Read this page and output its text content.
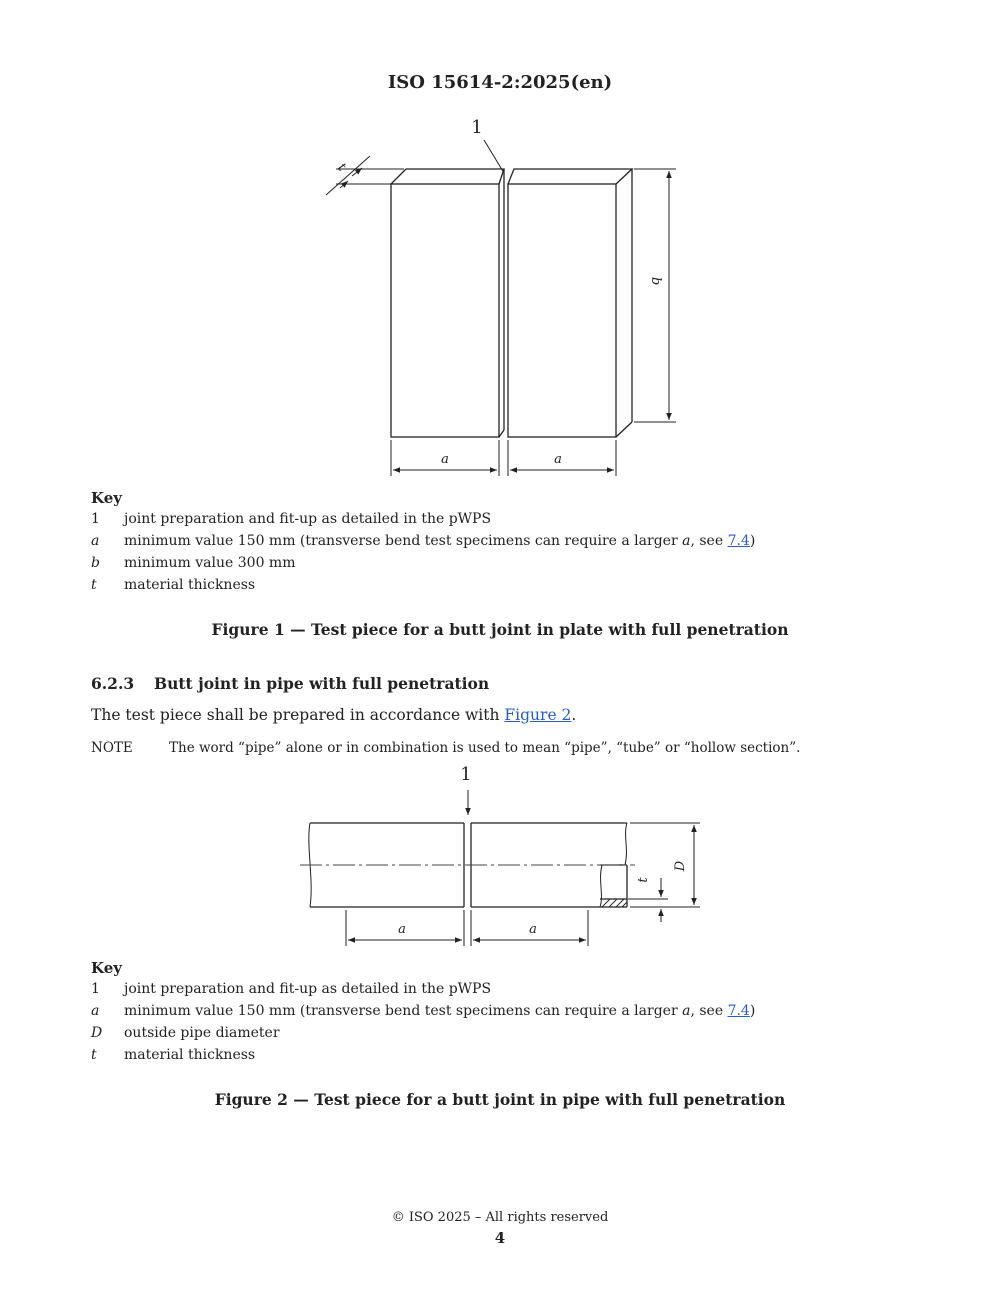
ISO 15614-2:2025(en)
1
a	a
b
t
1
a	a
t
D
Key
1	joint preparation and fit-up as detailed in the pWPS
a	minimum value 150 mm (transverse bend test specimens can require a larger a, see 7.4)
b	minimum value 300 mm
t	material thickness
Figure 1 — Test piece for a butt joint in plate with full penetration
6.2.3 Butt joint in pipe with full penetration
The test piece shall be prepared in accordance with Figure 2.
NOTE	The word “pipe” alone or in combination is used to mean “pipe”, “tube” or “hollow section”.
Key
1	joint preparation and fit-up as detailed in the pWPS
a	minimum value 150 mm (transverse bend test specimens can require a larger a, see 7.4)
D	outside pipe diameter
t	material thickness
Figure 2 — Test piece for a butt joint in pipe with full penetration
© ISO 2025 – All rights reserved
4
